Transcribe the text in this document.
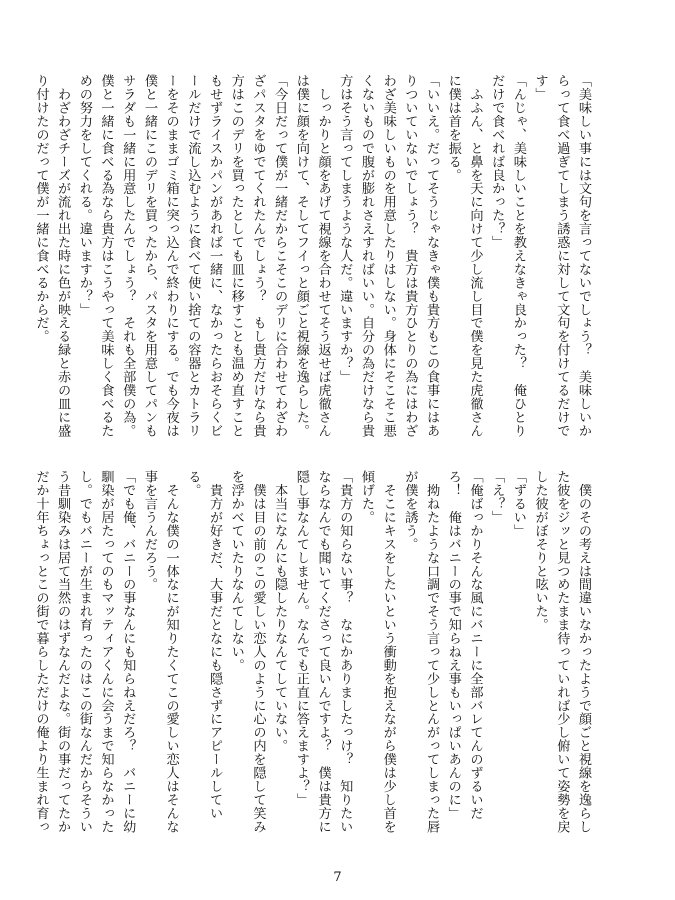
「美味しい事には文句を言ってないでしょう？　美味しいか
らって食べ過ぎてしまう誘惑に対して文句を付けてるだけで
す」
「んじゃ、美味しいことを教えなきゃ良かった？　俺ひとり
だけで食べれば良かった？」
　ふふん、と鼻を天に向けて少し流し目で僕を見た虎徹さん
に僕は首を振る。
「いいえ。だってそうじゃなきゃ僕も貴方もこの食事にはあ
りついていないでしょう？　貴方は貴方ひとりの為にはわざ
わざ美味しいものを用意したりはしない。身体にそこそこ悪
くないもので腹が膨れさえすればいい。自分の為だけなら貴
方はそう言ってしまうような人だ。違いますか？」
　しっかりと顔をあげて視線を合わせてそう返せば虎徹さん
は僕に顔を向けて、そしてフイっと顔ごと視線を逸らした。
「今日だって僕が一緒だからこそこのデリに合わせてわざわ
ざパスタをゆでてくれたんでしょう？　もし貴方だけなら貴
方はこのデリを買ったとしても皿に移すことも温め直すこと
もせずライスかパンがあれば一緒に、なかったらおそらくビ
ールだけで流し込むように食べて使い捨ての容器とカトラリ
ーをそのままゴミ箱に突っ込んで終わりにする。でも今夜は
僕と一緒にこのデリを買ったから、パスタを用意してパンも
サラダも一緒に用意したんでしょう？　それも全部僕の為。
僕と一緒に食べる為なら貴方はこうやって美味しく食べるた
めの努力をしてくれる。違いますか？」
　わざわざチーズが流れ出た時に色が映える緑と赤の皿に盛
り付けたのだって僕が一緒に食べるからだ。
　僕のその考えは間違いなかったようで顔ごと視線を逸らし
た彼をジッと見つめたまま待っていれば少し俯いて姿勢を戻
した彼がぼそりと呟いた。
「ずるい」
「え？」
「俺ばっかりそんな風にバニーに全部バレてんのずるいだ
ろ！　俺はバニーの事で知らねえ事もいっぱいあんのに」
　拗ねたような口調でそう言って少しとんがってしまった唇
が僕を誘う。
　そこにキスをしたいという衝動を抱えながら僕は少し首を
傾げた。
「貴方の知らない事？　なにかありましたっけ？　知りたい
ならなんでも聞いてくださって良いんですよ？　僕は貴方に
隠し事なんてしません。なんでも正直に答えますよ？」
　本当になんにも隠したりなんてしていない。
　僕は目の前のこの愛しい恋人のように心の内を隠して笑み
を浮かべていたりなんてしない。
　貴方が好きだ、大事だとなにも隠さずにアピールしてい
る。
　そんな僕の一体なにが知りたくてこの愛しい恋人はそんな
事を言うんだろう。
「でも俺、バニーの事なんにも知らねえだろ？　バニーに幼
馴染が居たってのもマッティアくんに会うまで知らなかった
し。でもバニーが生まれ育ったのはこの街なんだからそうい
う昔馴染みは居て当然のはずなんだよな。街の事だってたか
だか十年ちょっとこの街で暮らしただけの俺より生まれ育っ
7
